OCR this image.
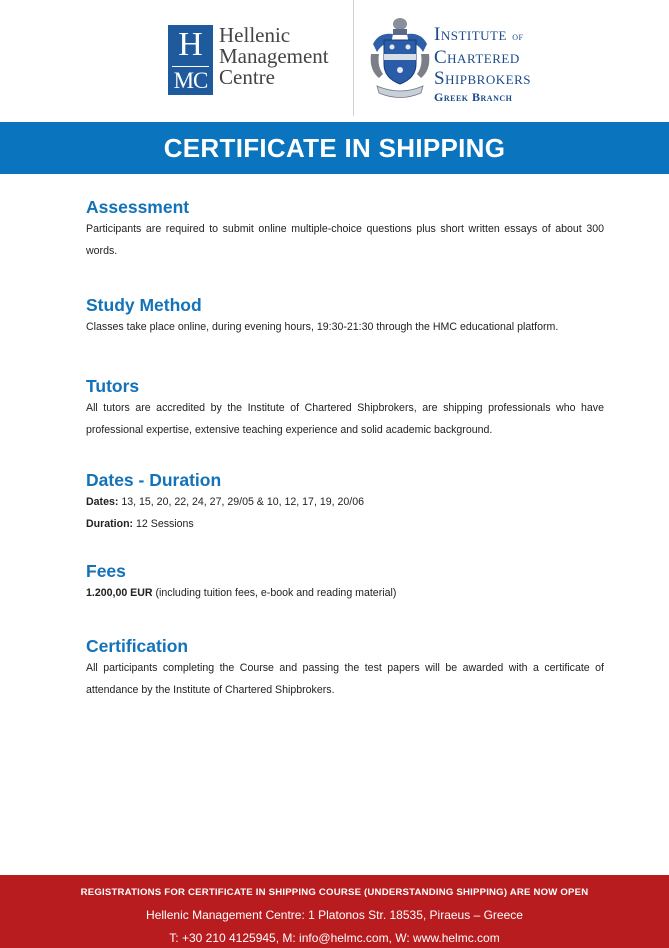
H
MC
Hellenic
Management
Centre
Institute of
Chartered
Shipbrokers
Greek Branch
CERTIFICATE IN SHIPPING
Assessment

Participants are required to submit online multiple-choice questions plus short written essays of about 300 words.

Study Method

Classes take place online, during evening hours, 19:30-21:30 through the HMC educational platform.

Tutors

All tutors are accredited by the Institute of Chartered Shipbrokers, are shipping professionals who have professional expertise, extensive teaching experience and solid academic background.

Dates - Duration

Dates: 13, 15, 20, 22, 24, 27, 29/05 & 10, 12, 17, 19, 20/06

Duration: 12 Sessions

Fees

1.200,00 EUR (including tuition fees, e-book and reading material)

Certification

All participants completing the Course and passing the test papers will be awarded with a certificate of attendance by the Institute of Chartered Shipbrokers.

REGISTRATIONS FOR CERTIFICATE IN SHIPPING COURSE (UNDERSTANDING SHIPPING) ARE NOW OPEN
Hellenic Management Centre: 1 Platonos Str. 18535, Piraeus – Greece
T: +30 210 4125945, M: info@helmc.com, W: www.helmc.com
